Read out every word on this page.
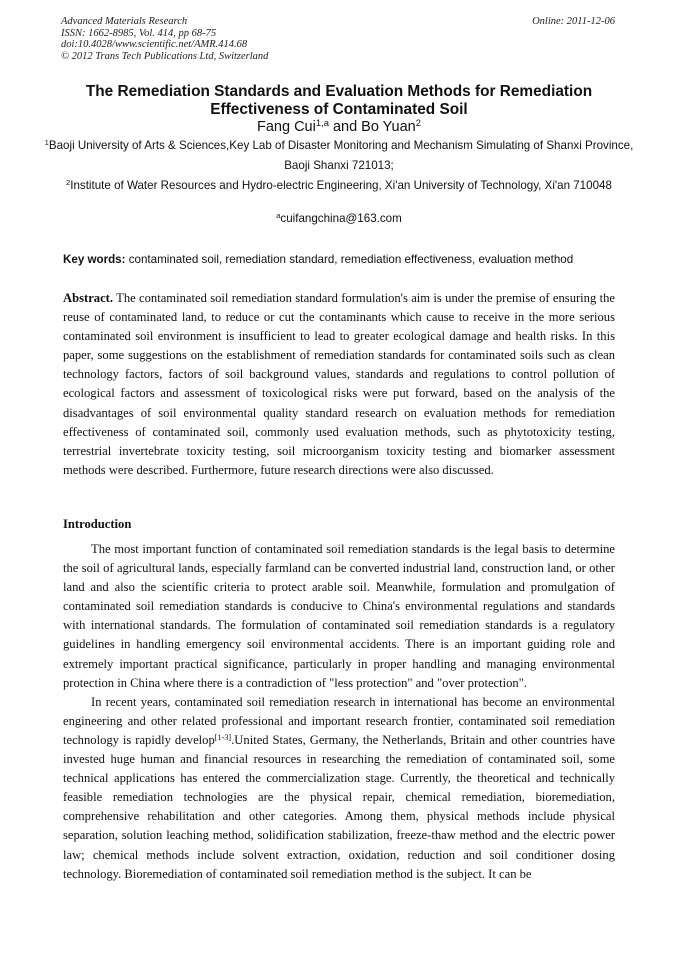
Advanced Materials Research
ISSN: 1662-8985, Vol. 414, pp 68-75
doi:10.4028/www.scientific.net/AMR.414.68
© 2012 Trans Tech Publications Ltd, Switzerland
Online: 2011-12-06
The Remediation Standards and Evaluation Methods for Remediation Effectiveness of Contaminated Soil
Fang Cui$^{1,a}$ and Bo Yuan$^2$
$^1$Baoji University of Arts & Sciences,Key Lab of Disaster Monitoring and Mechanism Simulating of Shanxi Province, Baoji Shanxi 721013;
$^2$Institute of Water Resources and Hydro-electric Engineering, Xi'an University of Technology, Xi'an 710048
$^a$cuifangchina@163.com
Key words: contaminated soil, remediation standard, remediation effectiveness, evaluation method
Abstract. The contaminated soil remediation standard formulation's aim is under the premise of ensuring the reuse of contaminated land, to reduce or cut the contaminants which cause to receive in the more serious contaminated soil environment is insufficient to lead to greater ecological damage and health risks. In this paper, some suggestions on the establishment of remediation standards for contaminated soils such as clean technology factors, factors of soil background values, standards and regulations to control pollution of ecological factors and assessment of toxicological risks were put forward, based on the analysis of the disadvantages of soil environmental quality standard research on evaluation methods for remediation effectiveness of contaminated soil, commonly used evaluation methods, such as phytotoxicity testing, terrestrial invertebrate toxicity testing, soil microorganism toxicity testing and biomarker assessment methods were described. Furthermore, future research directions were also discussed.
Introduction

The most important function of contaminated soil remediation standards is the legal basis to determine the soil of agricultural lands, especially farmland can be converted industrial land, construction land, or other land and also the scientific criteria to protect arable soil. Meanwhile, formulation and promulgation of contaminated soil remediation standards is conducive to China's environmental regulations and standards with international standards. The formulation of contaminated soil remediation standards is a regulatory guidelines in handling emergency soil environmental accidents. There is an important guiding role and extremely important practical significance, particularly in proper handling and managing environmental protection in China where there is a contradiction of "less protection" and "over protection".

In recent years, contaminated soil remediation research in international has become an environmental engineering and other related professional and important research frontier, contaminated soil remediation technology is rapidly develop[1-3].United States, Germany, the Netherlands, Britain and other countries have invested huge human and financial resources in researching the remediation of contaminated soil, some technical applications has entered the commercialization stage. Currently, the theoretical and technically feasible remediation technologies are the physical repair, chemical remediation, bioremediation, comprehensive rehabilitation and other categories. Among them, physical methods include physical separation, solution leaching method, solidification stabilization, freeze-thaw method and the electric power law; chemical methods include solvent extraction, oxidation, reduction and soil conditioner dosing technology. Bioremediation of contaminated soil remediation method is the subject. It can be
